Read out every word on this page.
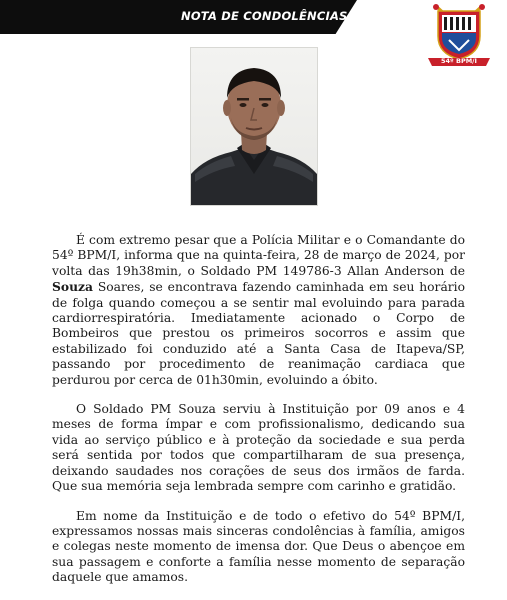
NOTA DE CONDOLÊNCIAS
54º BPM/I

É com extremo pesar que a Polícia Militar e o Comandante do 54º BPM/I, informa que na quinta-feira, 28 de março de 2024, por volta das 19h38min, o Soldado PM 149786-3 Allan Anderson de Souza Soares, se encontrava fazendo caminhada em seu horário de folga quando começou a se sentir mal evoluindo para parada cardiorrespiratória. Imediatamente acionado o Corpo de Bombeiros que prestou os primeiros socorros e assim que estabilizado foi conduzido até a Santa Casa de Itapeva/SP, passando por procedimento de reanimação cardiaca que perdurou por cerca de 01h30min, evoluindo a óbito.

O Soldado PM Souza serviu à Instituição por 09 anos e 4 meses de forma ímpar e com profissionalismo, dedicando sua vida ao serviço público e à proteção da sociedade e sua perda será sentida por todos que compartilharam de sua presença, deixando saudades nos corações de seus dos irmãos de farda. Que sua memória seja lembrada sempre com carinho e gratidão.

Em nome da Instituição e de todo o efetivo do 54º BPM/I, expressamos nossas mais sinceras condolências à família, amigos e colegas neste momento de imensa dor. Que Deus o abençoe em sua passagem e conforte a família nesse momento de separação daquele que amamos.
